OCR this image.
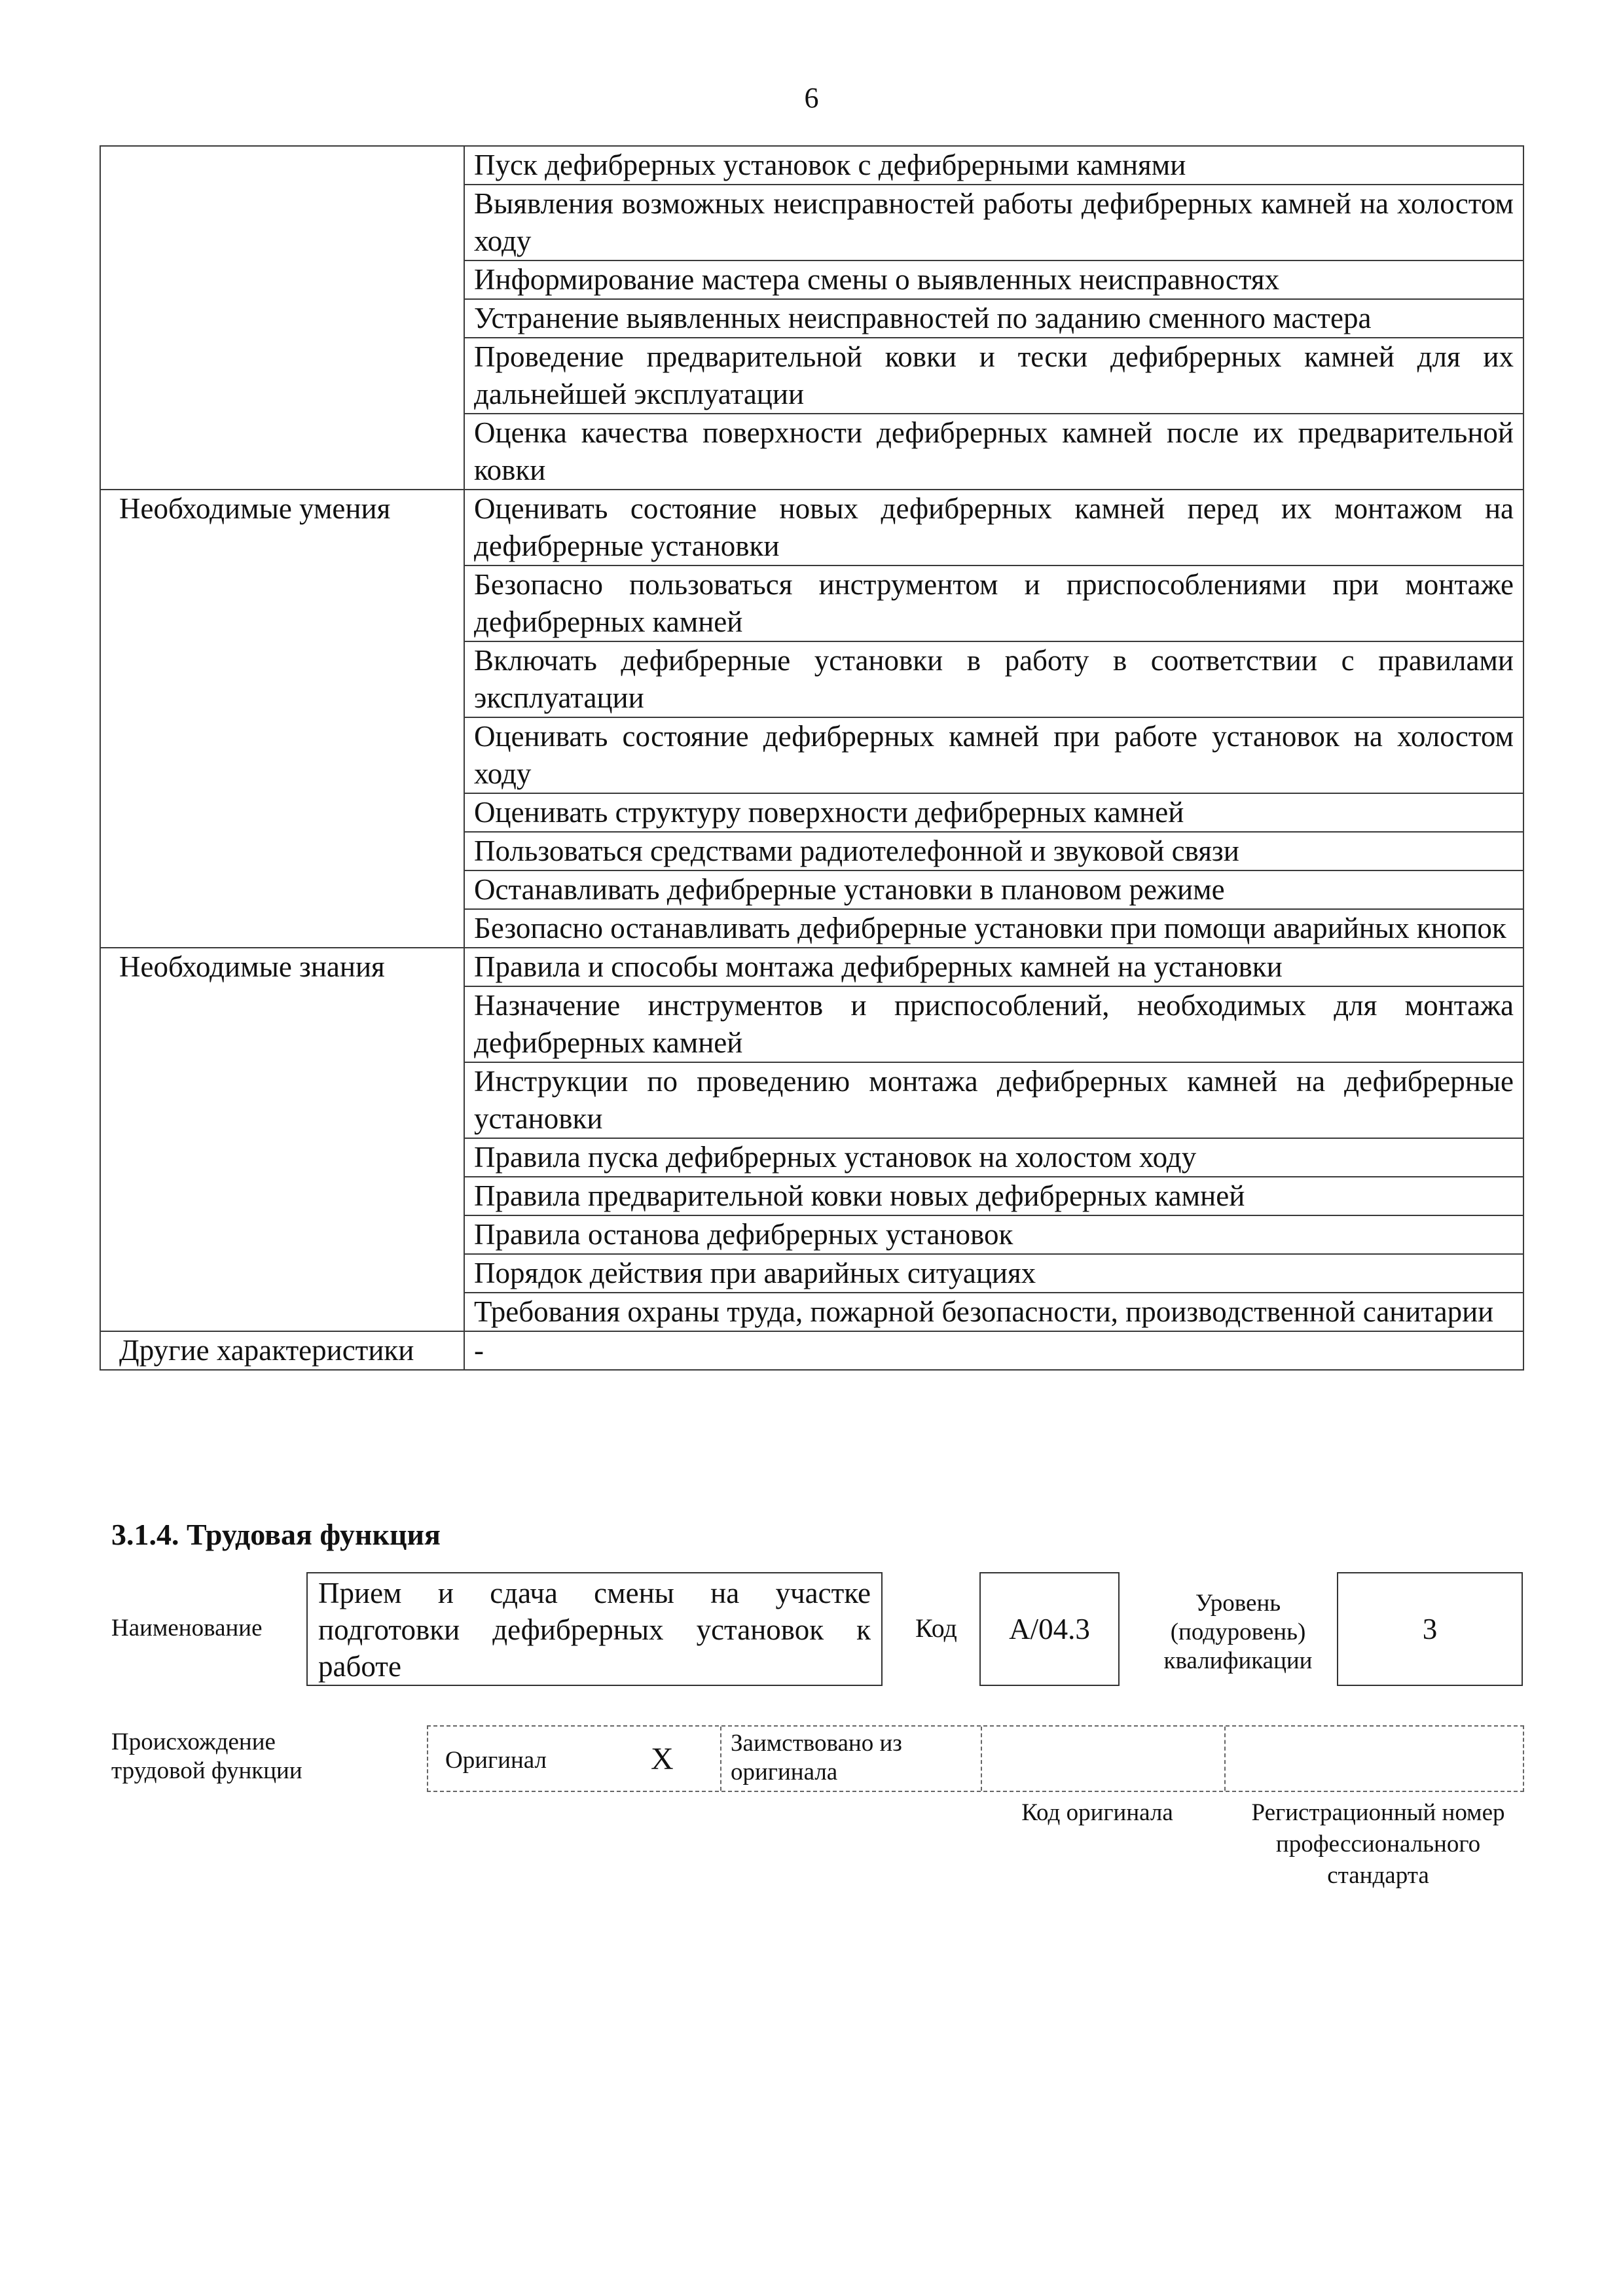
6
	Пуск дефибрерных установок с дефибрерными камнями
	Выявления возможных неисправностей работы дефибрерных камней на холостом ходу
	Информирование мастера смены о выявленных неисправностях
	Устранение выявленных неисправностей по заданию сменного мастера
	Проведение предварительной ковки и тески дефибрерных камней для их дальнейшей эксплуатации
	Оценка качества поверхности дефибрерных камней после их предварительной ковки
Необходимые умения	Оценивать состояние новых дефибрерных камней перед их монтажом на дефибрерные установки
	Безопасно пользоваться инструментом и приспособлениями при монтаже дефибрерных камней
	Включать дефибрерные установки в работу в соответствии с правилами эксплуатации
	Оценивать состояние дефибрерных камней при работе установок на холостом ходу
	Оценивать структуру поверхности дефибрерных камней
	Пользоваться средствами радиотелефонной и звуковой связи
	Останавливать дефибрерные установки в плановом режиме
	Безопасно останавливать дефибрерные установки при помощи аварийных кнопок
Необходимые знания	Правила и способы монтажа дефибрерных камней на установки
	Назначение инструментов и приспособлений, необходимых для монтажа дефибрерных камней
	Инструкции по проведению монтажа дефибрерных камней на дефибрерные установки
	Правила пуска дефибрерных установок на холостом ходу
	Правила предварительной ковки новых дефибрерных камней
	Правила останова дефибрерных установок
	Порядок действия при аварийных ситуациях
	Требования охраны труда, пожарной безопасности, производственной санитарии
Другие характеристики	-
3.1.4. Трудовая функция
Наименование
Прием и сдача смены на участке подготовки дефибрерных установок к работе
Код А/04.3
Уровень (подуровень) квалификации
3
Происхождение трудовой функции	Оригинал	X Заимствовано из оригинала
Код оригинала	Регистрационный номер профессионального стандарта
